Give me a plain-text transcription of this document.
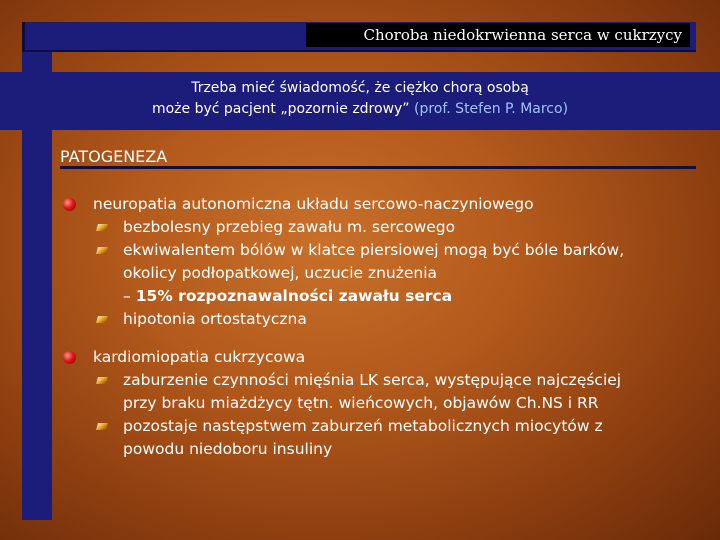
Choroba niedokrwienna serca w cukrzycy
Trzeba mieć świadomość, że ciężko chorą osobą
może być pacjent „pozornie zdrowy” (prof. Stefen P. Marco)
PATOGENEZA
neuropatia autonomiczna układu sercowo-naczyniowego
bezbolesny przebieg zawału m. sercowego
ekwiwalentem bólów w klatce piersiowej mogą być bóle barków,
okolicy podłopatkowej, uczucie znużenia
– 15% rozpoznawalności zawału serca
hipotonia ortostatyczna
kardiomiopatia cukrzycowa
zaburzenie czynności mięśnia LK serca, występujące najczęściej
przy braku miażdżycy tętn. wieńcowych, objawów Ch.NS i RR
pozostaje następstwem zaburzeń metabolicznych miocytów z
powodu niedoboru insuliny
